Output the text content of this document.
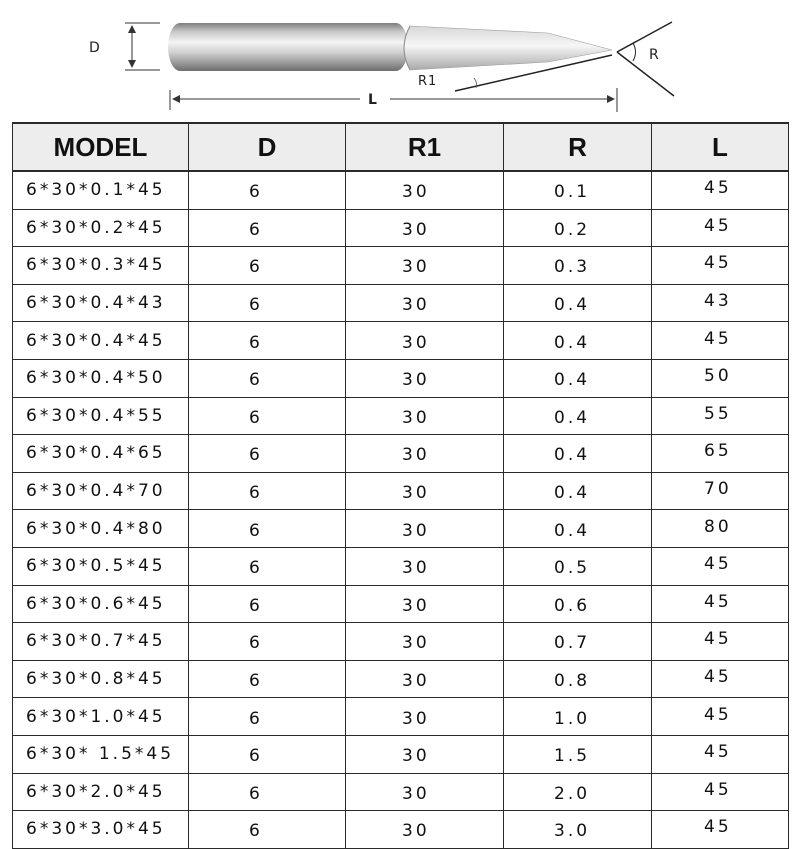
D
R1
R
L
MODEL	D	R1	R	L
6*30*0.1*45	6	30	0.1	45
6*30*0.2*45	6	30	0.2	45
6*30*0.3*45	6	30	0.3	45
6*30*0.4*43	6	30	0.4	43
6*30*0.4*45	6	30	0.4	45
6*30*0.4*50	6	30	0.4	50
6*30*0.4*55	6	30	0.4	55
6*30*0.4*65	6	30	0.4	65
6*30*0.4*70	6	30	0.4	70
6*30*0.4*80	6	30	0.4	80
6*30*0.5*45	6	30	0.5	45
6*30*0.6*45	6	30	0.6	45
6*30*0.7*45	6	30	0.7	45
6*30*0.8*45	6	30	0.8	45
6*30*1.0*45	6	30	1.0	45
6*30* 1.5*45	6	30	1.5	45
6*30*2.0*45	6	30	2.0	45
6*30*3.0*45	6	30	3.0	45
